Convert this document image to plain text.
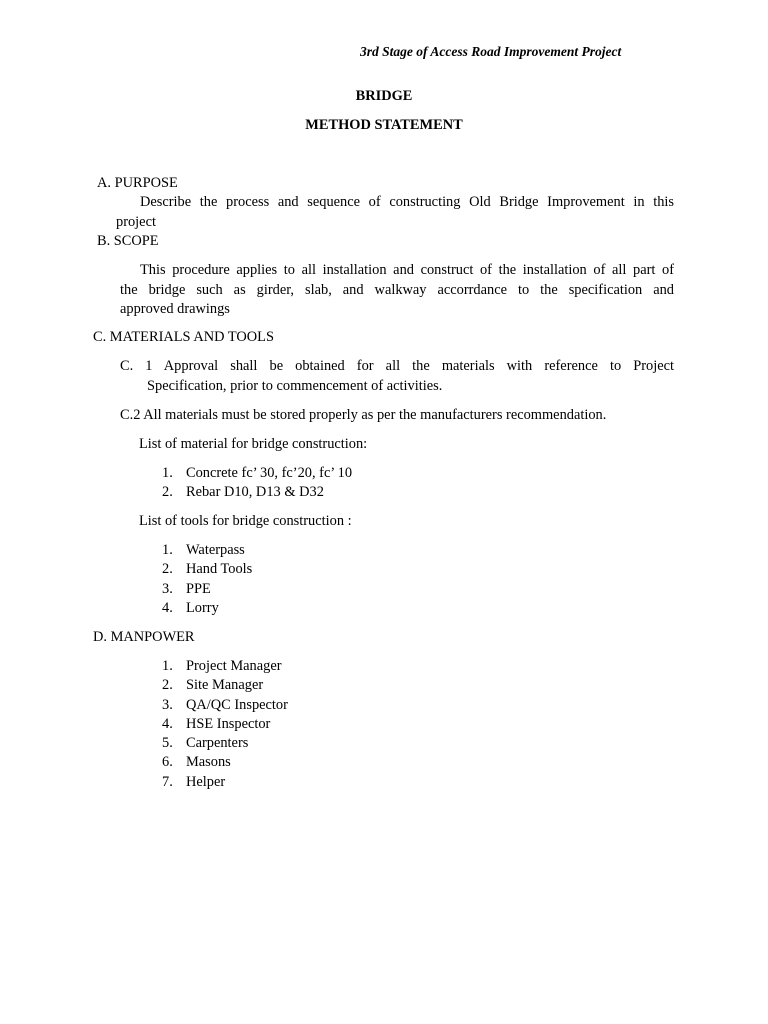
3rd Stage of Access Road Improvement Project
BRIDGE
METHOD STATEMENT
A. PURPOSE
Describe the process and sequence of constructing Old Bridge Improvement in this
project
B. SCOPE
This procedure applies to all installation and construct of the installation of all part of
the bridge such as girder, slab, and walkway accorrdance to the specification and
approved drawings
C. MATERIALS AND TOOLS
C. 1 Approval shall be obtained for all the materials with reference to Project
Specification, prior to commencement of activities.
C.2 All materials must be stored properly as per the manufacturers recommendation.
List of material for bridge construction:
1. Concrete fc’ 30, fc’20, fc’ 10
2. Rebar D10, D13 & D32
List of tools for bridge construction :
1. Waterpass
2. Hand Tools
3. PPE
4. Lorry
D. MANPOWER
1. Project Manager
2. Site Manager
3. QA/QC Inspector
4. HSE Inspector
5. Carpenters
6. Masons
7. Helper
